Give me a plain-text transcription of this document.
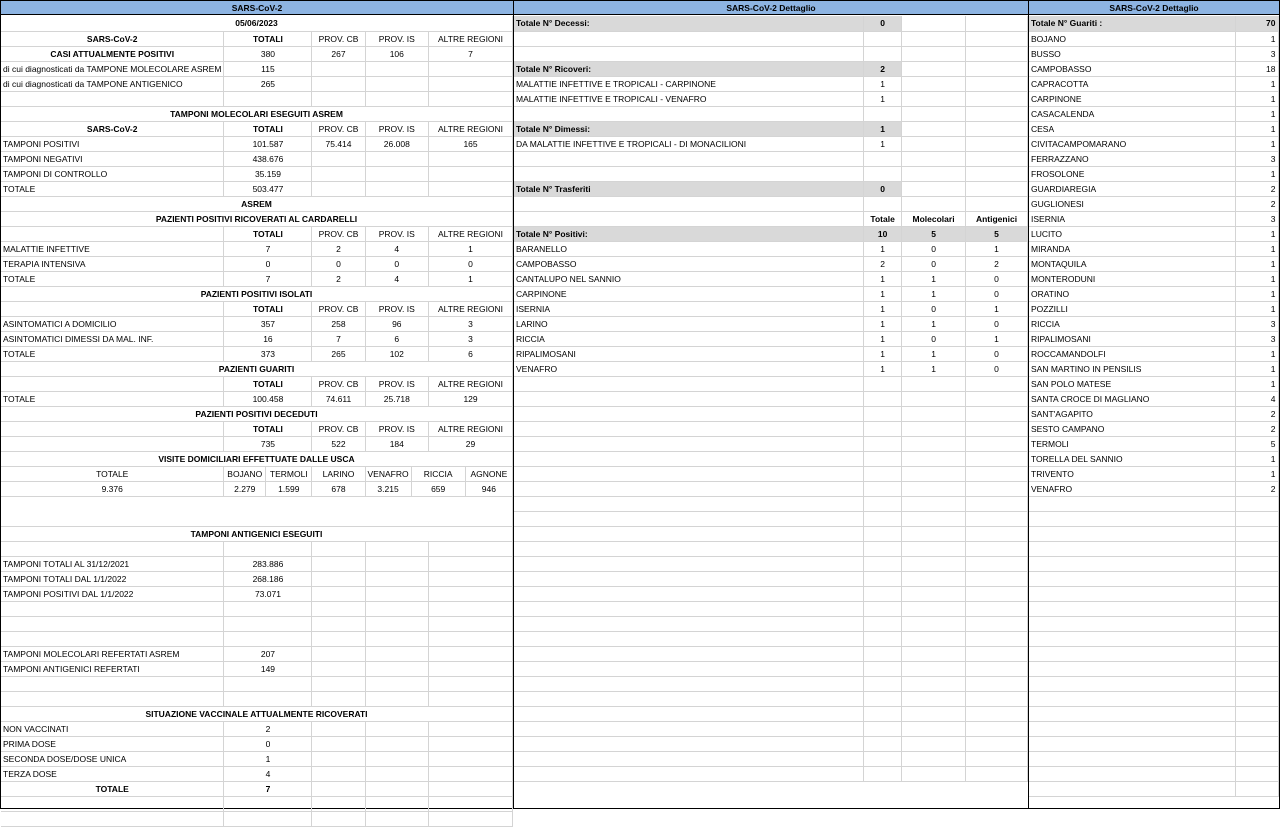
SARS-CoV-2
05/06/2023							
SARS-CoV-2	TOTALI		PROV. CB	PROV. IS		ALTRE REGIONI	
CASI ATTUALMENTE POSITIVI	380		267	106		7	
di cui diagnosticati da TAMPONE MOLECOLARE ASREM	115						
di cui diagnosticati da TAMPONE ANTIGENICO	265						

TAMPONI MOLECOLARI ESEGUITI ASREM							
SARS-CoV-2	TOTALI		PROV. CB	PROV. IS		ALTRE REGIONI	
TAMPONI POSITIVI	101.587		75.414	26.008		165	
TAMPONI NEGATIVI	438.676						
TAMPONI DI CONTROLLO	35.159						
TOTALE	503.477						
ASREM							
PAZIENTI POSITIVI RICOVERATI AL CARDARELLI							
	TOTALI		PROV. CB	PROV. IS		ALTRE REGIONI	
MALATTIE INFETTIVE	7		2	4		1	
TERAPIA INTENSIVA	0		0	0		0	
TOTALE	7		2	4		1	
PAZIENTI POSITIVI ISOLATI							
	TOTALI		PROV. CB	PROV. IS		ALTRE REGIONI	
ASINTOMATICI A DOMICILIO	357		258	96		3	
ASINTOMATICI DIMESSI DA MAL. INF.	16		7	6		3	
TOTALE	373		265	102		6	
PAZIENTI GUARITI							
	TOTALI		PROV. CB	PROV. IS		ALTRE REGIONI	
TOTALE	100.458		74.611	25.718		129	
PAZIENTI POSITIVI DECEDUTI							
	TOTALI		PROV. CB	PROV. IS		ALTRE REGIONI	
	735		522	184		29	
VISITE DOMICILIARI EFFETTUATE DALLE USCA							
TOTALE	BOJANO	TERMOLI	LARINO	VENAFRO	RICCIA		AGNONE
9.376	2.279	1.599	678	3.215	659		946

TAMPONI ANTIGENICI ESEGUITI							

TAMPONI TOTALI AL 31/12/2021	283.886						
TAMPONI TOTALI DAL 1/1/2022	268.186						
TAMPONI POSITIVI DAL 1/1/2022	73.071						

TAMPONI MOLECOLARI REFERTATI ASREM	207						
TAMPONI ANTIGENICI REFERTATI	149						

SITUAZIONE VACCINALE ATTUALMENTE RICOVERATI							
NON VACCINATI	2						
PRIMA DOSE	0						
SECONDA DOSE/DOSE UNICA	1						
TERZA DOSE	4						
TOTALE	7						

SARS-CoV-2 Dettaglio
Totale N° Decessi:	0		

Totale N° Ricoveri:	2		
MALATTIE INFETTIVE E TROPICALI - CARPINONE	1		
MALATTIE INFETTIVE E TROPICALI - VENAFRO	1		

Totale N° Dimessi:	1		
DA MALATTIE INFETTIVE E TROPICALI - DI MONACILIONI	1		

Totale N° Trasferiti	0		

	Totale	Molecolari	Antigenici
Totale N° Positivi:	10	5	5
BARANELLO	1	0	1
CAMPOBASSO	2	0	2
CANTALUPO NEL SANNIO	1	1	0
CARPINONE	1	1	0
ISERNIA	1	0	1
LARINO	1	1	0
RICCIA	1	0	1
RIPALIMOSANI	1	1	0
VENAFRO	1	1	0

SARS-CoV-2 Dettaglio
Totale N° Guariti :	70
BOJANO	1
BUSSO	3
CAMPOBASSO	18
CAPRACOTTA	1
CARPINONE	1
CASACALENDA	1
CESA	1
CIVITACAMPOMARANO	1
FERRAZZANO	3
FROSOLONE	1
GUARDIAREGIA	2
GUGLIONESI	2
ISERNIA	3
LUCITO	1
MIRANDA	1
MONTAQUILA	1
MONTERODUNI	1
ORATINO	1
POZZILLI	1
RICCIA	3
RIPALIMOSANI	3
ROCCAMANDOLFI	1
SAN MARTINO IN PENSILIS	1
SAN POLO MATESE	1
SANTA CROCE DI MAGLIANO	4
SANT'AGAPITO	2
SESTO CAMPANO	2
TERMOLI	5
TORELLA DEL SANNIO	1
TRIVENTO	1
VENAFRO	2
